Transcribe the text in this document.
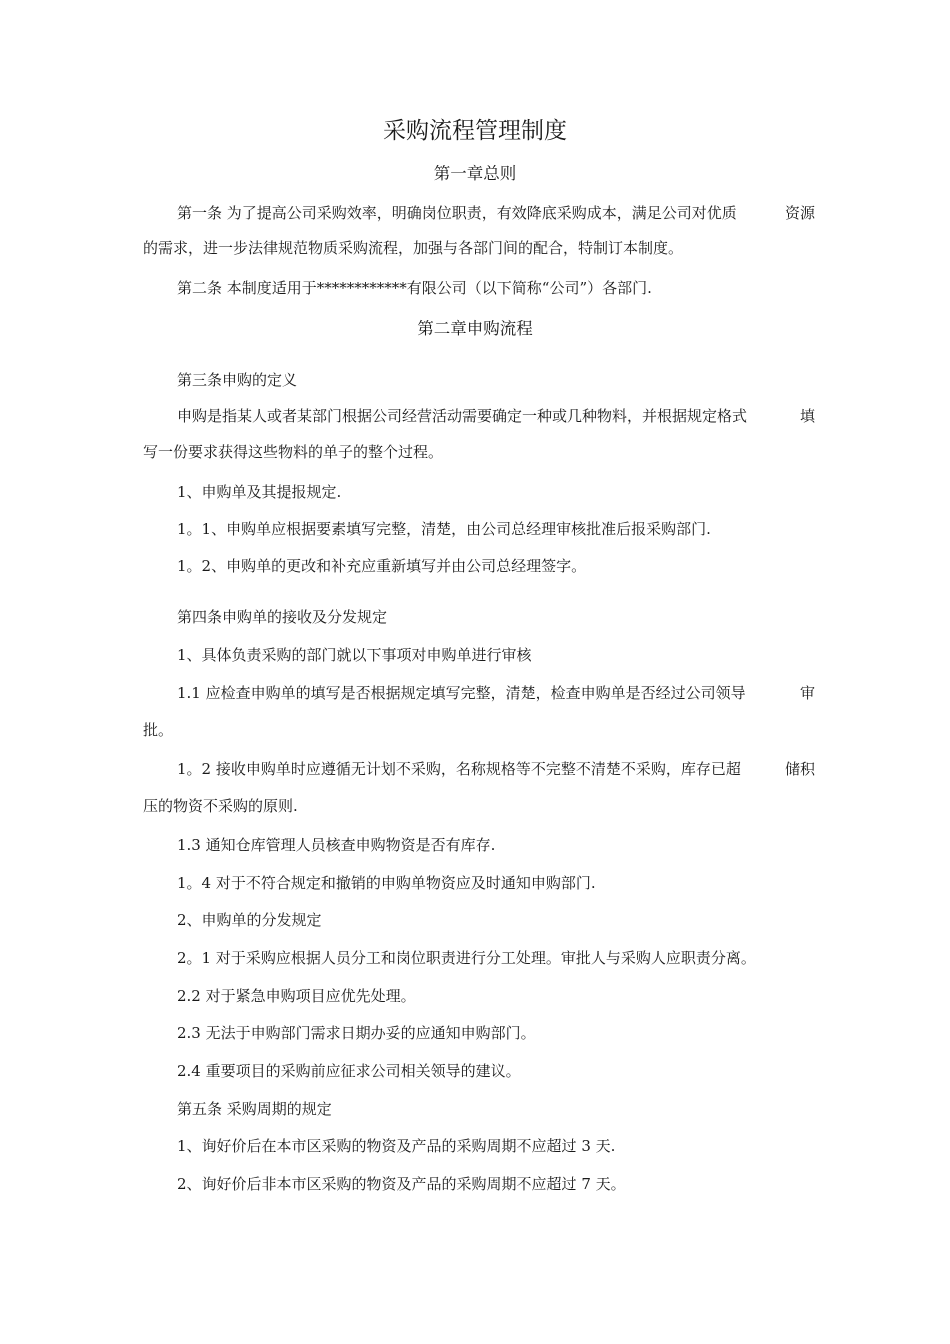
采购流程管理制度
第一章总则
第一条 为了提高公司采购效率，明确岗位职责，有效降底采购成本，满足公司对优质	资源
的需求，进一步法律规范物质采购流程，加强与各部门间的配合，特制订本制度。
第二条 本制度适用于************有限公司（以下简称“公司”）各部门.
第二章申购流程
第三条申购的定义
申购是指某人或者某部门根据公司经营活动需要确定一种或几种物料，并根据规定格式	填
写一份要求获得这些物料的单子的整个过程。
1、申购单及其提报规定.
1。1、申购单应根据要素填写完整，清楚，由公司总经理审核批准后报采购部门.
1。2、申购单的更改和补充应重新填写并由公司总经理签字。
第四条申购单的接收及分发规定
1、具体负责采购的部门就以下事项对申购单进行审核
1.1 应检查申购单的填写是否根据规定填写完整，清楚，检查申购单是否经过公司领导	审
批。
1。2 接收申购单时应遵循无计划不采购，名称规格等不完整不清楚不采购，库存已超	储积
压的物资不采购的原则.
1.3 通知仓库管理人员核查申购物资是否有库存.
1。4 对于不符合规定和撤销的申购单物资应及时通知申购部门.
2、申购单的分发规定
2。1 对于采购应根据人员分工和岗位职责进行分工处理。审批人与采购人应职责分离。
2.2 对于紧急申购项目应优先处理。
2.3 无法于申购部门需求日期办妥的应通知申购部门。
2.4 重要项目的采购前应征求公司相关领导的建议。
第五条 采购周期的规定
1、询好价后在本市区采购的物资及产品的采购周期不应超过 3 天.
2、询好价后非本市区采购的物资及产品的采购周期不应超过 7 天。
